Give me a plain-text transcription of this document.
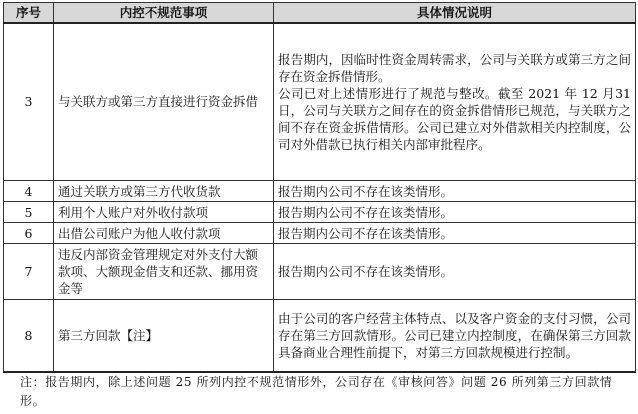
序号	内控不规范事项	具体情况说明
3	与关联方或第三方直接进行资金拆借	报告期内，因临时性资金周转需求，公司与关联方或第三方之间存在资金拆借情形。

公司已对上述情形进行了规范与整改。截至 2021 年 12 月31日，公司与关联方之间存在的资金拆借情形已规范，与关联方之间不存在资金拆借情形。公司已建立对外借款相关内控制度，公司对外借款已执行相关内部审批程序。

4	通过关联方或第三方代收货款	报告期内公司不存在该类情形。

5	利用个人账户对外收付款项	报告期内公司不存在该类情形。

6	出借公司账户为他人收付款项	报告期内公司不存在该类情形。

7	违反内部资金管理规定对外支付大额款项、大额现金借支和还款、挪用资金等	报告期内公司不存在该类情形。

8	第三方回款【注】	由于公司的客户经营主体特点、以及客户资金的支付习惯，公司存在第三方回款情形。公司已建立内控制度，在确保第三方回款具备商业合理性前提下，对第三方回款规模进行控制。

注：报告期内，除上述问题 25 所列内控不规范情形外，公司存在《审核问答》问题 26 所列第三方回款情形。
